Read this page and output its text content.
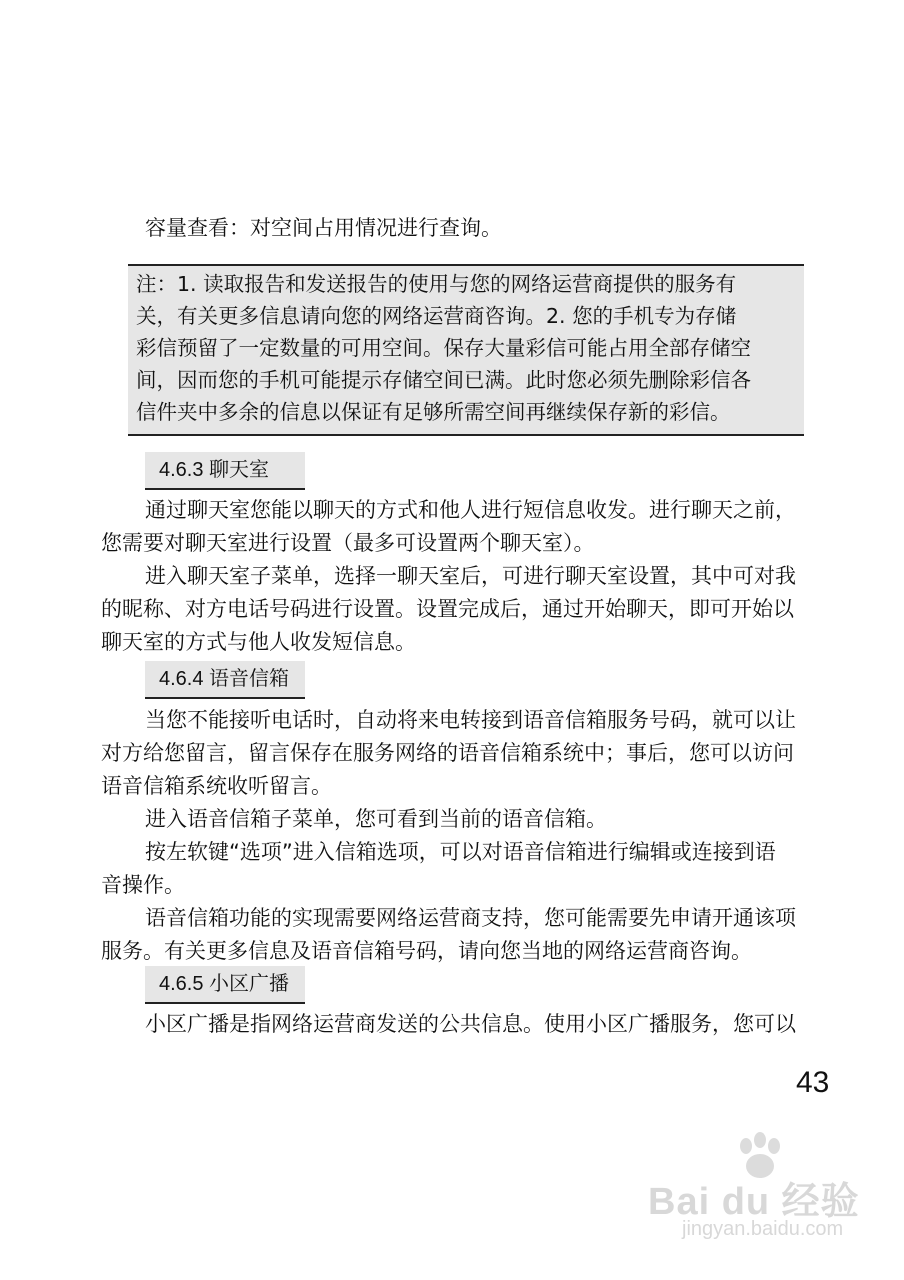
容量查看：对空间占用情况进行查询。
注：1. 读取报告和发送报告的使用与您的网络运营商提供的服务有
关，有关更多信息请向您的网络运营商咨询。2. 您的手机专为存储
彩信预留了一定数量的可用空间。保存大量彩信可能占用全部存储空
间，因而您的手机可能提示存储空间已满。此时您必须先删除彩信各
信件夹中多余的信息以保证有足够所需空间再继续保存新的彩信。
4.6.3 聊天室
通过聊天室您能以聊天的方式和他人进行短信息收发。进行聊天之前，
您需要对聊天室进行设置（最多可设置两个聊天室）。
进入聊天室子菜单，选择一聊天室后，可进行聊天室设置，其中可对我
的昵称、对方电话号码进行设置。设置完成后，通过开始聊天，即可开始以
聊天室的方式与他人收发短信息。
4.6.4 语音信箱
当您不能接听电话时，自动将来电转接到语音信箱服务号码，就可以让
对方给您留言，留言保存在服务网络的语音信箱系统中；事后，您可以访问
语音信箱系统收听留言。
进入语音信箱子菜单，您可看到当前的语音信箱。
按左软键“选项”进入信箱选项，可以对语音信箱进行编辑或连接到语
音操作。
语音信箱功能的实现需要网络运营商支持，您可能需要先申请开通该项
服务。有关更多信息及语音信箱号码，请向您当地的网络运营商咨询。
4.6.5 小区广播
小区广播是指网络运营商发送的公共信息。使用小区广播服务，您可以
43
Bai du 经验
jingyan.baidu.com
